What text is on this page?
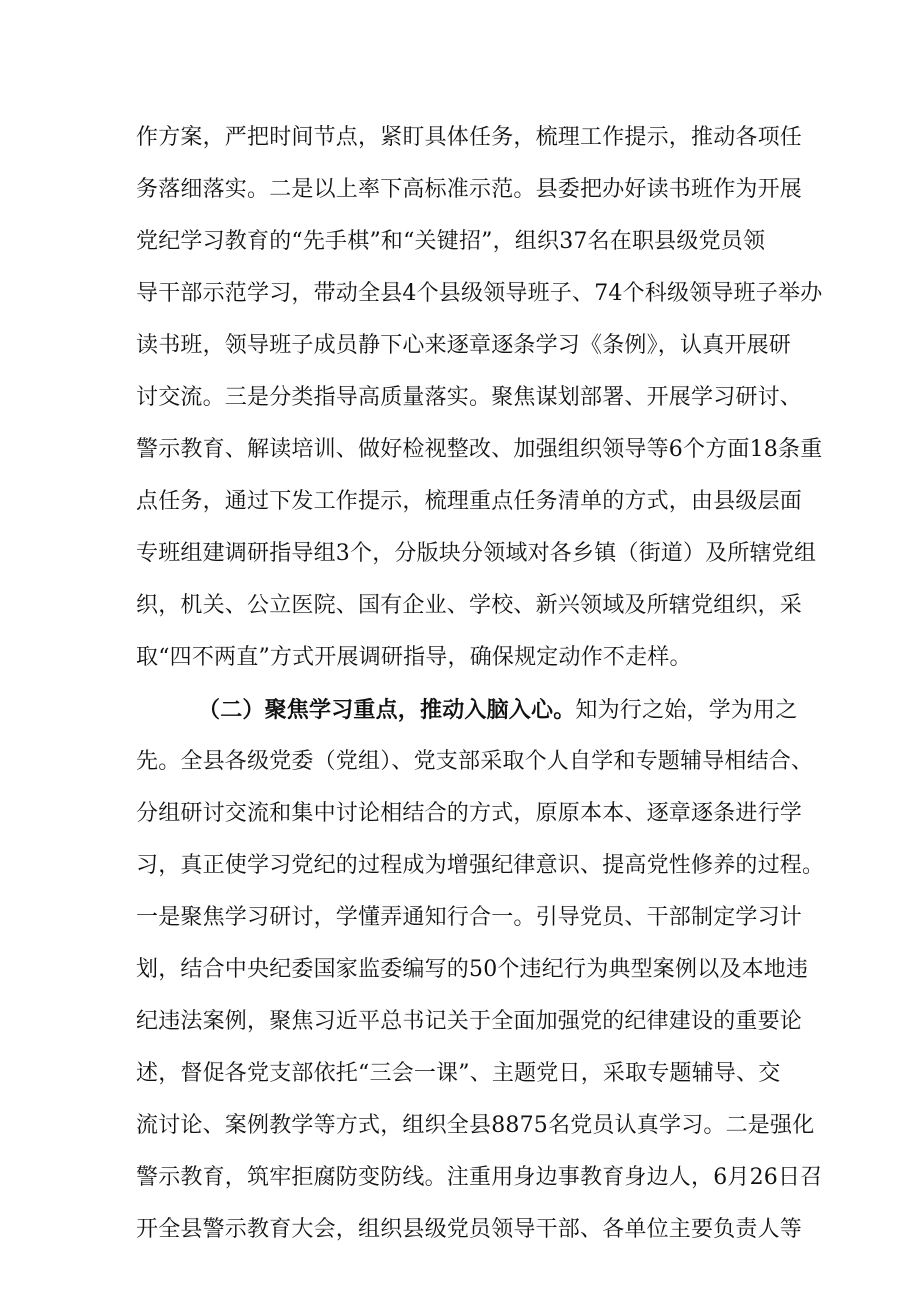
作方案，严把时间节点，紧盯具体任务，梳理工作提示，推动各项任
务落细落实。二是以上率下高标准示范。县委把办好读书班作为开展
党纪学习教育的“先手棋”和“关键招”，组织37名在职县级党员领
导干部示范学习，带动全县4个县级领导班子、74个科级领导班子举办
读书班，领导班子成员静下心来逐章逐条学习《条例》，认真开展研
讨交流。三是分类指导高质量落实。聚焦谋划部署、开展学习研讨、
警示教育、解读培训、做好检视整改、加强组织领导等6个方面18条重
点任务，通过下发工作提示，梳理重点任务清单的方式，由县级层面
专班组建调研指导组3个，分版块分领域对各乡镇（街道）及所辖党组
织，机关、公立医院、国有企业、学校、新兴领域及所辖党组织，采
取“四不两直”方式开展调研指导，确保规定动作不走样。
（二）聚焦学习重点，推动入脑入心。知为行之始，学为用之
先。全县各级党委（党组）、党支部采取个人自学和专题辅导相结合、
分组研讨交流和集中讨论相结合的方式，原原本本、逐章逐条进行学
习，真正使学习党纪的过程成为增强纪律意识、提高党性修养的过程。
一是聚焦学习研讨，学懂弄通知行合一。引导党员、干部制定学习计
划，结合中央纪委国家监委编写的50个违纪行为典型案例以及本地违
纪违法案例，聚焦习近平总书记关于全面加强党的纪律建设的重要论
述，督促各党支部依托“三会一课”、主题党日，采取专题辅导、交
流讨论、案例教学等方式，组织全县8875名党员认真学习。二是强化
警示教育，筑牢拒腐防变防线。注重用身边事教育身边人，6月26日召
开全县警示教育大会，组织县级党员领导干部、各单位主要负责人等
